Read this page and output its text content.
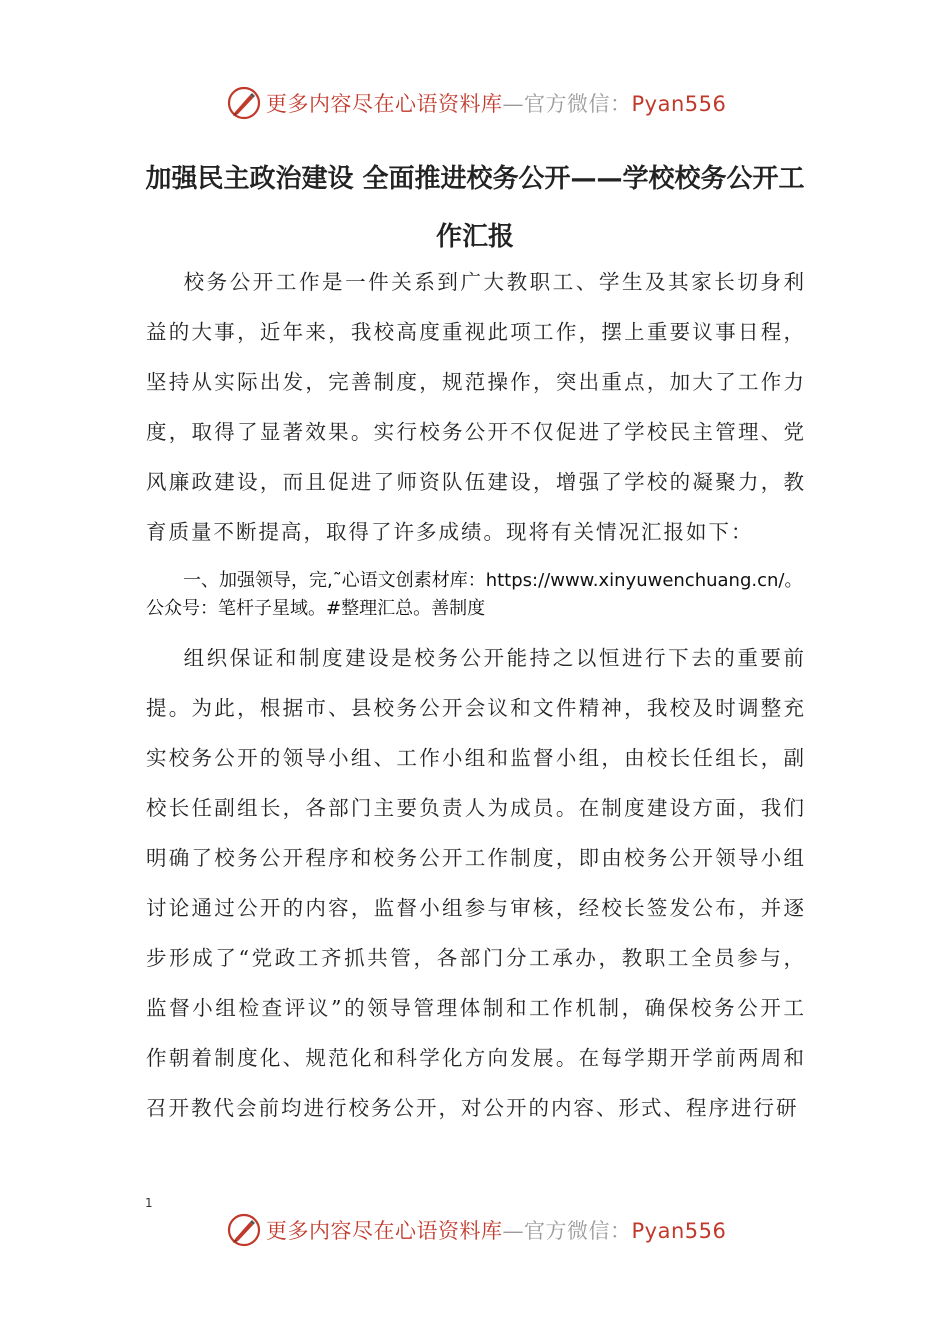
更多内容尽在心语资料库—官方微信：Pyan556
加强民主政治建设 全面推进校务公开——学校校务公开工作汇报

校务公开工作是一件关系到广大教职工、学生及其家长切身利益的大事，近年来，我校高度重视此项工作，摆上重要议事日程，坚持从实际出发，完善制度，规范操作，突出重点，加大了工作力度，取得了显著效果。实行校务公开不仅促进了学校民主管理、党风廉政建设，而且促进了师资队伍建设，增强了学校的凝聚力，教育质量不断提高，取得了许多成绩。现将有关情况汇报如下：

一、加强领导，完,˜心语文创素材库：https://www.xinyuwenchuang.cn/。公众号：笔杆子星域。#整理汇总。善制度

组织保证和制度建设是校务公开能持之以恒进行下去的重要前提。为此，根据市、县校务公开会议和文件精神，我校及时调整充实校务公开的领导小组、工作小组和监督小组，由校长任组长，副校长任副组长，各部门主要负责人为成员。在制度建设方面，我们明确了校务公开程序和校务公开工作制度，即由校务公开领导小组讨论通过公开的内容，监督小组参与审核，经校长签发公布，并逐步形成了“党政工齐抓共管，各部门分工承办，教职工全员参与，监督小组检查评议”的领导管理体制和工作机制，确保校务公开工作朝着制度化、规范化和科学化方向发展。在每学期开学前两周和召开教代会前均进行校务公开，对公开的内容、形式、程序进行研

1
更多内容尽在心语资料库—官方微信：Pyan556
